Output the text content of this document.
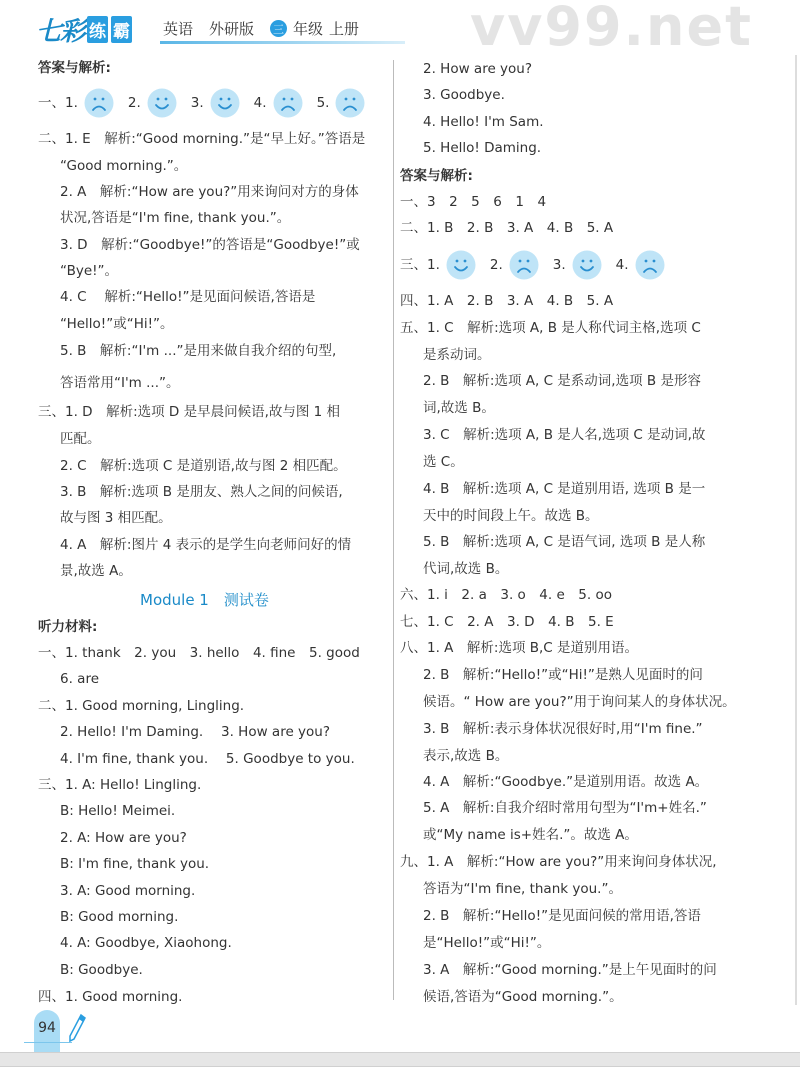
vv99.net
七彩 练 霸 英语 外研版 三 年级 上册
94
答案与解析:
一、1.	2.	3.	4.	5.
二、1. E　解析:“Good morning.”是“早上好。”答语是
“Good morning.”。
2. A　解析:“How are you?”用来询问对方的身体
状况,答语是“I'm fine, thank you.”。
3. D　解析:“Goodbye!”的答语是“Goodbye!”或
“Bye!”。
4. C　 解析:“Hello!”是见面问候语,答语是
“Hello!”或“Hi!”。
5. B　解析:“I'm ...”是用来做自我介绍的句型,
答语常用“I'm ...”。
三、1. D　解析:选项 D 是早晨问候语,故与图 1 相
匹配。
2. C　解析:选项 C 是道别语,故与图 2 相匹配。
3. B　解析:选项 B 是朋友、熟人之间的问候语,
故与图 3 相匹配。
4. A　解析:图片 4 表示的是学生向老师问好的情
景,故选 A。
Module 1　测试卷
听力材料:
一、1. thank　2. you　3. hello　4. fine　5. good
6. are
二、1. Good morning, Lingling.
2. Hello! I'm Daming.　 3. How are you?
4. I'm fine, thank you.　 5. Goodbye to you.
三、1. A: Hello! Lingling.
B: Hello! Meimei.
2. A: How are you?
B: I'm fine, thank you.
3. A: Good morning.
B: Good morning.
4. A: Goodbye, Xiaohong.
B: Goodbye.
四、1. Good morning.
2. How are you?
3. Goodbye.
4. Hello! I'm Sam.
5. Hello! Daming.
答案与解析:
一、3　2　5　6　1　4
二、1. B　2. B　3. A　4. B　5. A
三、1.	2.	3.	4.
四、1. A　2. B　3. A　4. B　5. A
五、1. C　解析:选项 A, B 是人称代词主格,选项 C
是系动词。
2. B　解析:选项 A, C 是系动词,选项 B 是形容
词,故选 B。
3. C　解析:选项 A, B 是人名,选项 C 是动词,故
选 C。
4. B　解析:选项 A, C 是道别用语, 选项 B 是一
天中的时间段上午。故选 B。
5. B　解析:选项 A, C 是语气词, 选项 B 是人称
代词,故选 B。
六、1. i　2. a　3. o　4. e　5. oo
七、1. C　2. A　3. D　4. B　5. E
八、1. A　解析:选项 B,C 是道别用语。
2. B　解析:“Hello!”或“Hi!”是熟人见面时的问
候语。“ How are you?”用于询问某人的身体状况。
3. B　解析:表示身体状况很好时,用“I'm fine.”
表示,故选 B。
4. A　解析:“Goodbye.”是道别用语。故选 A。
5. A　解析:自我介绍时常用句型为“I'm+姓名.”
或“My name is+姓名.”。故选 A。
九、1. A　解析:“How are you?”用来询问身体状况,
答语为“I'm fine, thank you.”。
2. B　解析:“Hello!”是见面问候的常用语,答语
是“Hello!”或“Hi!”。
3. A　解析:“Good morning.”是上午见面时的问
候语,答语为“Good morning.”。
